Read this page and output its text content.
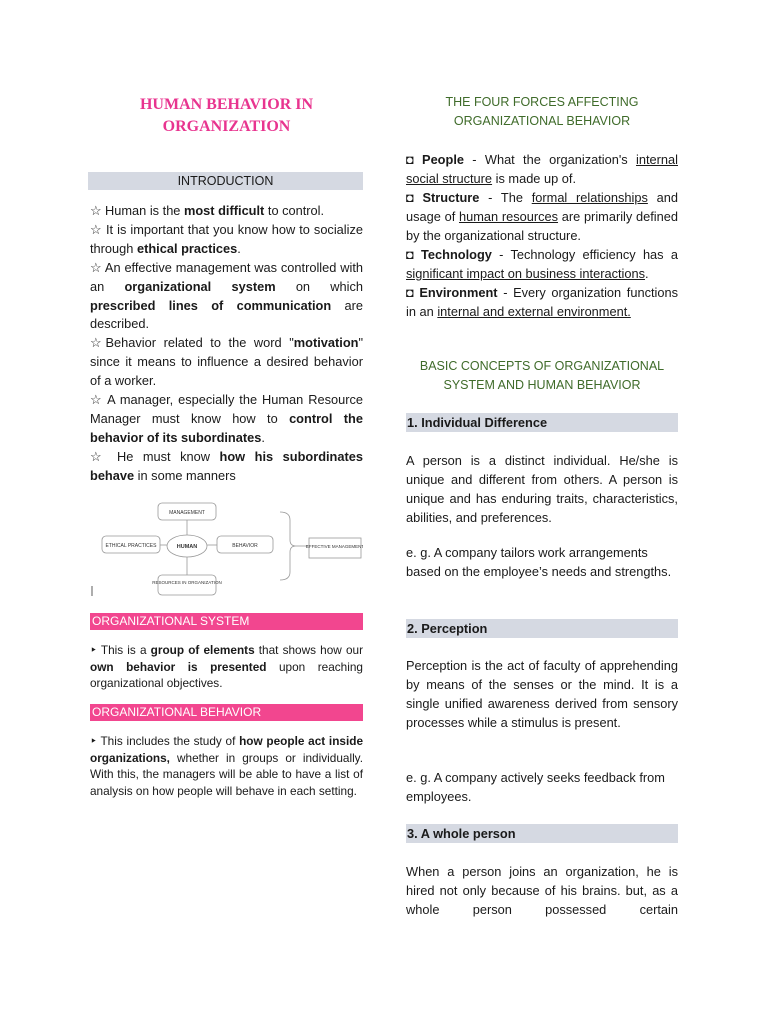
HUMAN BEHAVIOR IN ORGANIZATION
INTRODUCTION

☆ Human is the most difficult to control.

☆ It is important that you know how to socialize through ethical practices.

☆ An effective management was controlled with an organizational system on which prescribed lines of communication are described.

☆Behavior related to the word "motivation" since it means to influence a desired behavior of a worker.

☆ A manager, especially the Human Resource Manager must know how to control the behavior of its subordinates.

☆ He must know how his subordinates behave in some manners

MANAGEMENT
ETHICAL PRACTICES	HUMAN	BEHAVIOR
RESOURCES IN ORGANIZATION
EFFECTIVE MANAGEMENT
ORGANIZATIONAL SYSTEM

‣ This is a group of elements that shows how our own behavior is presented upon reaching organizational objectives.

ORGANIZATIONAL BEHAVIOR

‣ This includes the study of how people act inside organizations, whether in groups or individually. With this, the managers will be able to have a list of analysis on how people will behave in each setting.

THE FOUR FORCES AFFECTING ORGANIZATIONAL BEHAVIOR

◘ People - What the organization's internal social structure is made up of.

◘ Structure - The formal relationships and usage of human resources are primarily defined by the organizational structure.

◘ Technology - Technology efficiency has a significant impact on business interactions.

◘ Environment - Every organization functions in an internal and external environment.

BASIC CONCEPTS OF ORGANIZATIONAL SYSTEM AND HUMAN BEHAVIOR
1. Individual Difference
A person is a distinct individual. He/she is unique and different from others. A person is unique and has enduring traits, characteristics, abilities, and preferences.
e. g. A company tailors work arrangements based on the employee’s needs and strengths.
2. Perception
Perception is the act of faculty of apprehending by means of the senses or the mind. It is a single unified awareness derived from sensory processes while a stimulus is present.
e. g. A company actively seeks feedback from employees.
3. A whole person
When a person joins an organization, he is hired not only because of his brains. but, as a whole person possessed certain
